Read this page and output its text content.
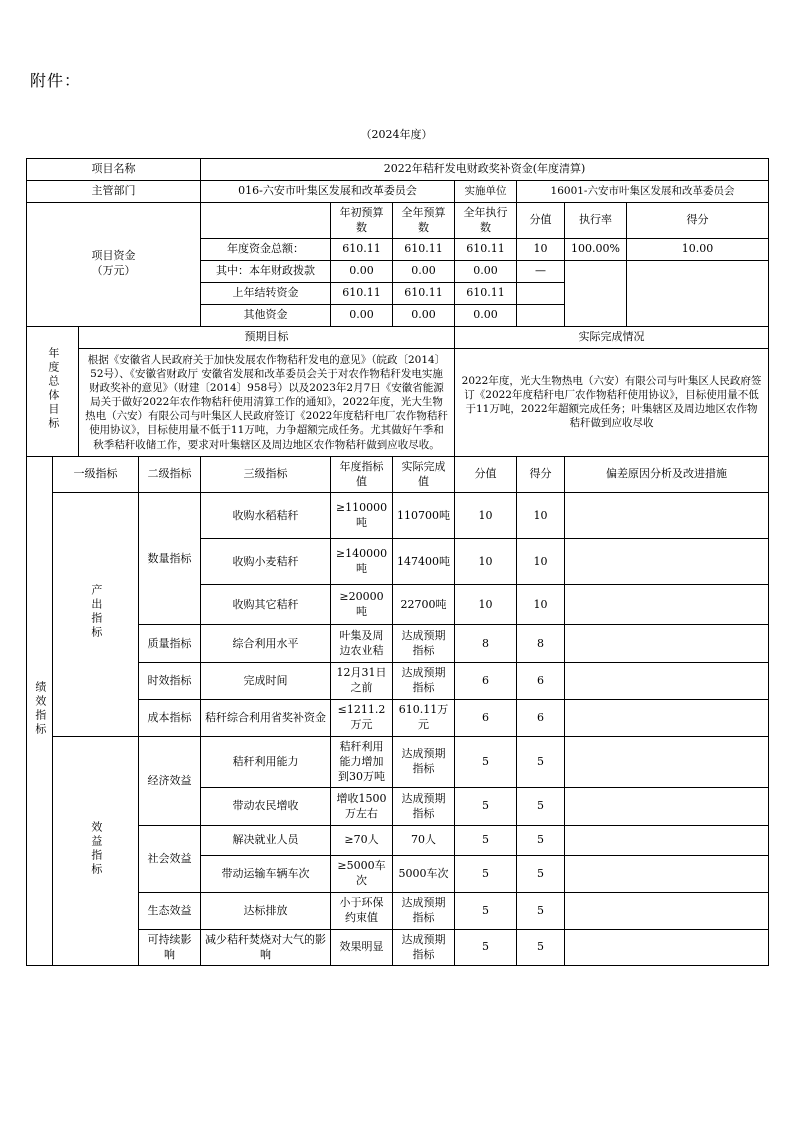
附件：
（2024年度）
项目名称				2022年秸秆发电财政奖补资金(年度清算)						
主管部门				016-六安市叶集区发展和改革委员会			实施单位	16001-六安市叶集区发展和改革委员会		

项目资金
（万元）					年初预算数	全年预算数	全年执行数	分值	执行率	得分
				年度资金总额：	610.11	610.11	610.11	10	100.00%	10.00
				其中：本年财政拨款	0.00	0.00	0.00	—		
				上年结转资金	610.11	610.11	610.11			
				其他资金	0.00	0.00	0.00			
年度总体目标		预期目标					实际完成情况			
		根据《安徽省人民政府关于加快发展农作物秸秆发电的意见》（皖政〔2014〕52号）、《安徽省财政厅 安徽省发展和改革委员会关于对农作物秸秆发电实施财政奖补的意见》（财建〔2014〕958号）以及2023年2月7日《安徽省能源局关于做好2022年农作物秸秆使用清算工作的通知》，2022年度，光大生物热电（六安）有限公司与叶集区人民政府签订《2022年度秸秆电厂农作物秸秆使用协议》，目标使用量不低于11万吨，力争超额完成任务。尤其做好午季和秋季秸秆收储工作，要求对叶集辖区及周边地区农作物秸秆做到应收尽收。					2022年度，光大生物热电（六安）有限公司与叶集区人民政府签订《2022年度秸秆电厂农作物秸秆使用协议》，目标使用量不低于11万吨，2022年超额完成任务；叶集辖区及周边地区农作物秸秆做到应收尽收			
绩效指标	一级指标		二级指标	三级指标	年度指标值	实际完成值	分值	得分	偏差原因分析及改进措施	
	产出指标		数量指标	收购水稻秸秆	≥110000吨	110700吨	10	10		
				收购小麦秸秆	≥140000吨	147400吨	10	10		
				收购其它秸秆	≥20000吨	22700吨	10	10		
			质量指标	综合利用水平	叶集及周边农业秸	达成预期指标	8	8		
			时效指标	完成时间	12月31日之前	达成预期指标	6	6		
			成本指标	秸秆综合利用省奖补资金	≤1211.2万元	610.11万元	6	6		
	效益指标		经济效益	秸秆利用能力	秸秆利用能力增加到30万吨	达成预期指标	5	5		
				带动农民增收	增收1500万左右	达成预期指标	5	5		
			社会效益	解决就业人员	≥70人	70人	5	5		
				带动运输车辆车次	≥5000车次	5000车次	5	5		
			生态效益	达标排放	小于环保约束值	达成预期指标	5	5		
			可持续影响	减少秸秆焚烧对大气的影响	效果明显	达成预期指标	5	5		
